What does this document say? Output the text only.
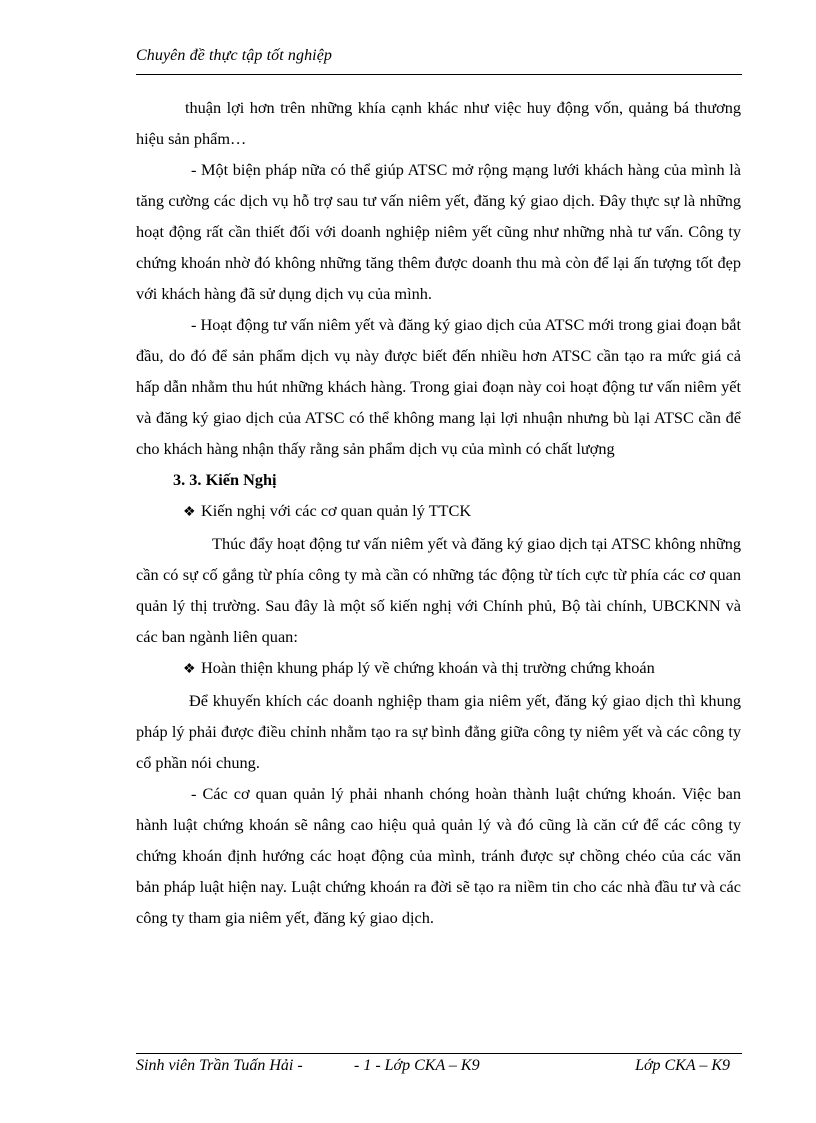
Chuyên đề thực tập tốt nghiệp

thuận lợi hơn trên những khía cạnh khác như việc huy động vốn, quảng bá thương hiệu sản phẩm…

- Một biện pháp nữa có thể giúp ATSC mở rộng mạng lưới khách hàng của mình là tăng cường các dịch vụ hỗ trợ sau tư vấn niêm yết, đăng ký giao dịch. Đây thực sự là những hoạt động rất cần thiết đối với doanh nghiệp niêm yết cũng như những nhà tư vấn. Công ty chứng khoán nhờ đó không những tăng thêm được doanh thu mà còn để lại ấn tượng tốt đẹp với khách hàng đã sử dụng dịch vụ của mình.

- Hoạt động tư vấn niêm yết và đăng ký giao dịch của ATSC mới trong giai đoạn bắt đầu, do đó để sản phẩm dịch vụ này được biết đến nhiều hơn ATSC cần tạo ra mức giá cả hấp dẫn nhằm thu hút những khách hàng. Trong giai đoạn này coi hoạt động tư vấn niêm yết và đăng ký giao dịch của ATSC có thể không mang lại lợi nhuận nhưng bù lại ATSC cần để cho khách hàng nhận thấy rằng sản phẩm dịch vụ của mình có chất lượng

3. 3. Kiến Nghị
❖ Kiến nghị với các cơ quan quản lý TTCK

Thúc đẩy hoạt động tư vấn niêm yết và đăng ký giao dịch tại ATSC không những cần có sự cố gắng từ phía công ty mà cần có những tác động từ tích cực từ phía các cơ quan quản lý thị trường. Sau đây là một số kiến nghị với Chính phủ, Bộ tài chính, UBCKNN và các ban ngành liên quan:

❖ Hoàn thiện khung pháp lý về chứng khoán và thị trường chứng khoán

Để khuyến khích các doanh nghiệp tham gia niêm yết, đăng ký giao dịch thì khung pháp lý phải được điều chỉnh nhằm tạo ra sự bình đẳng giữa công ty niêm yết và các công ty cổ phần nói chung.

- Các cơ quan quản lý phải nhanh chóng hoàn thành luật chứng khoán. Việc ban hành luật chứng khoán sẽ nâng cao hiệu quả quản lý và đó cũng là căn cứ để các công ty chứng khoán định hướng các hoạt động của mình, tránh được sự chồng chéo của các văn bản pháp luật hiện nay. Luật chứng khoán ra đời sẽ tạo ra niềm tin cho các nhà đầu tư và các công ty tham gia niêm yết, đăng ký giao dịch.

Sinh viên Trần Tuấn Hải -	- 1 - Lớp CKA – K9	Lớp CKA – K9
